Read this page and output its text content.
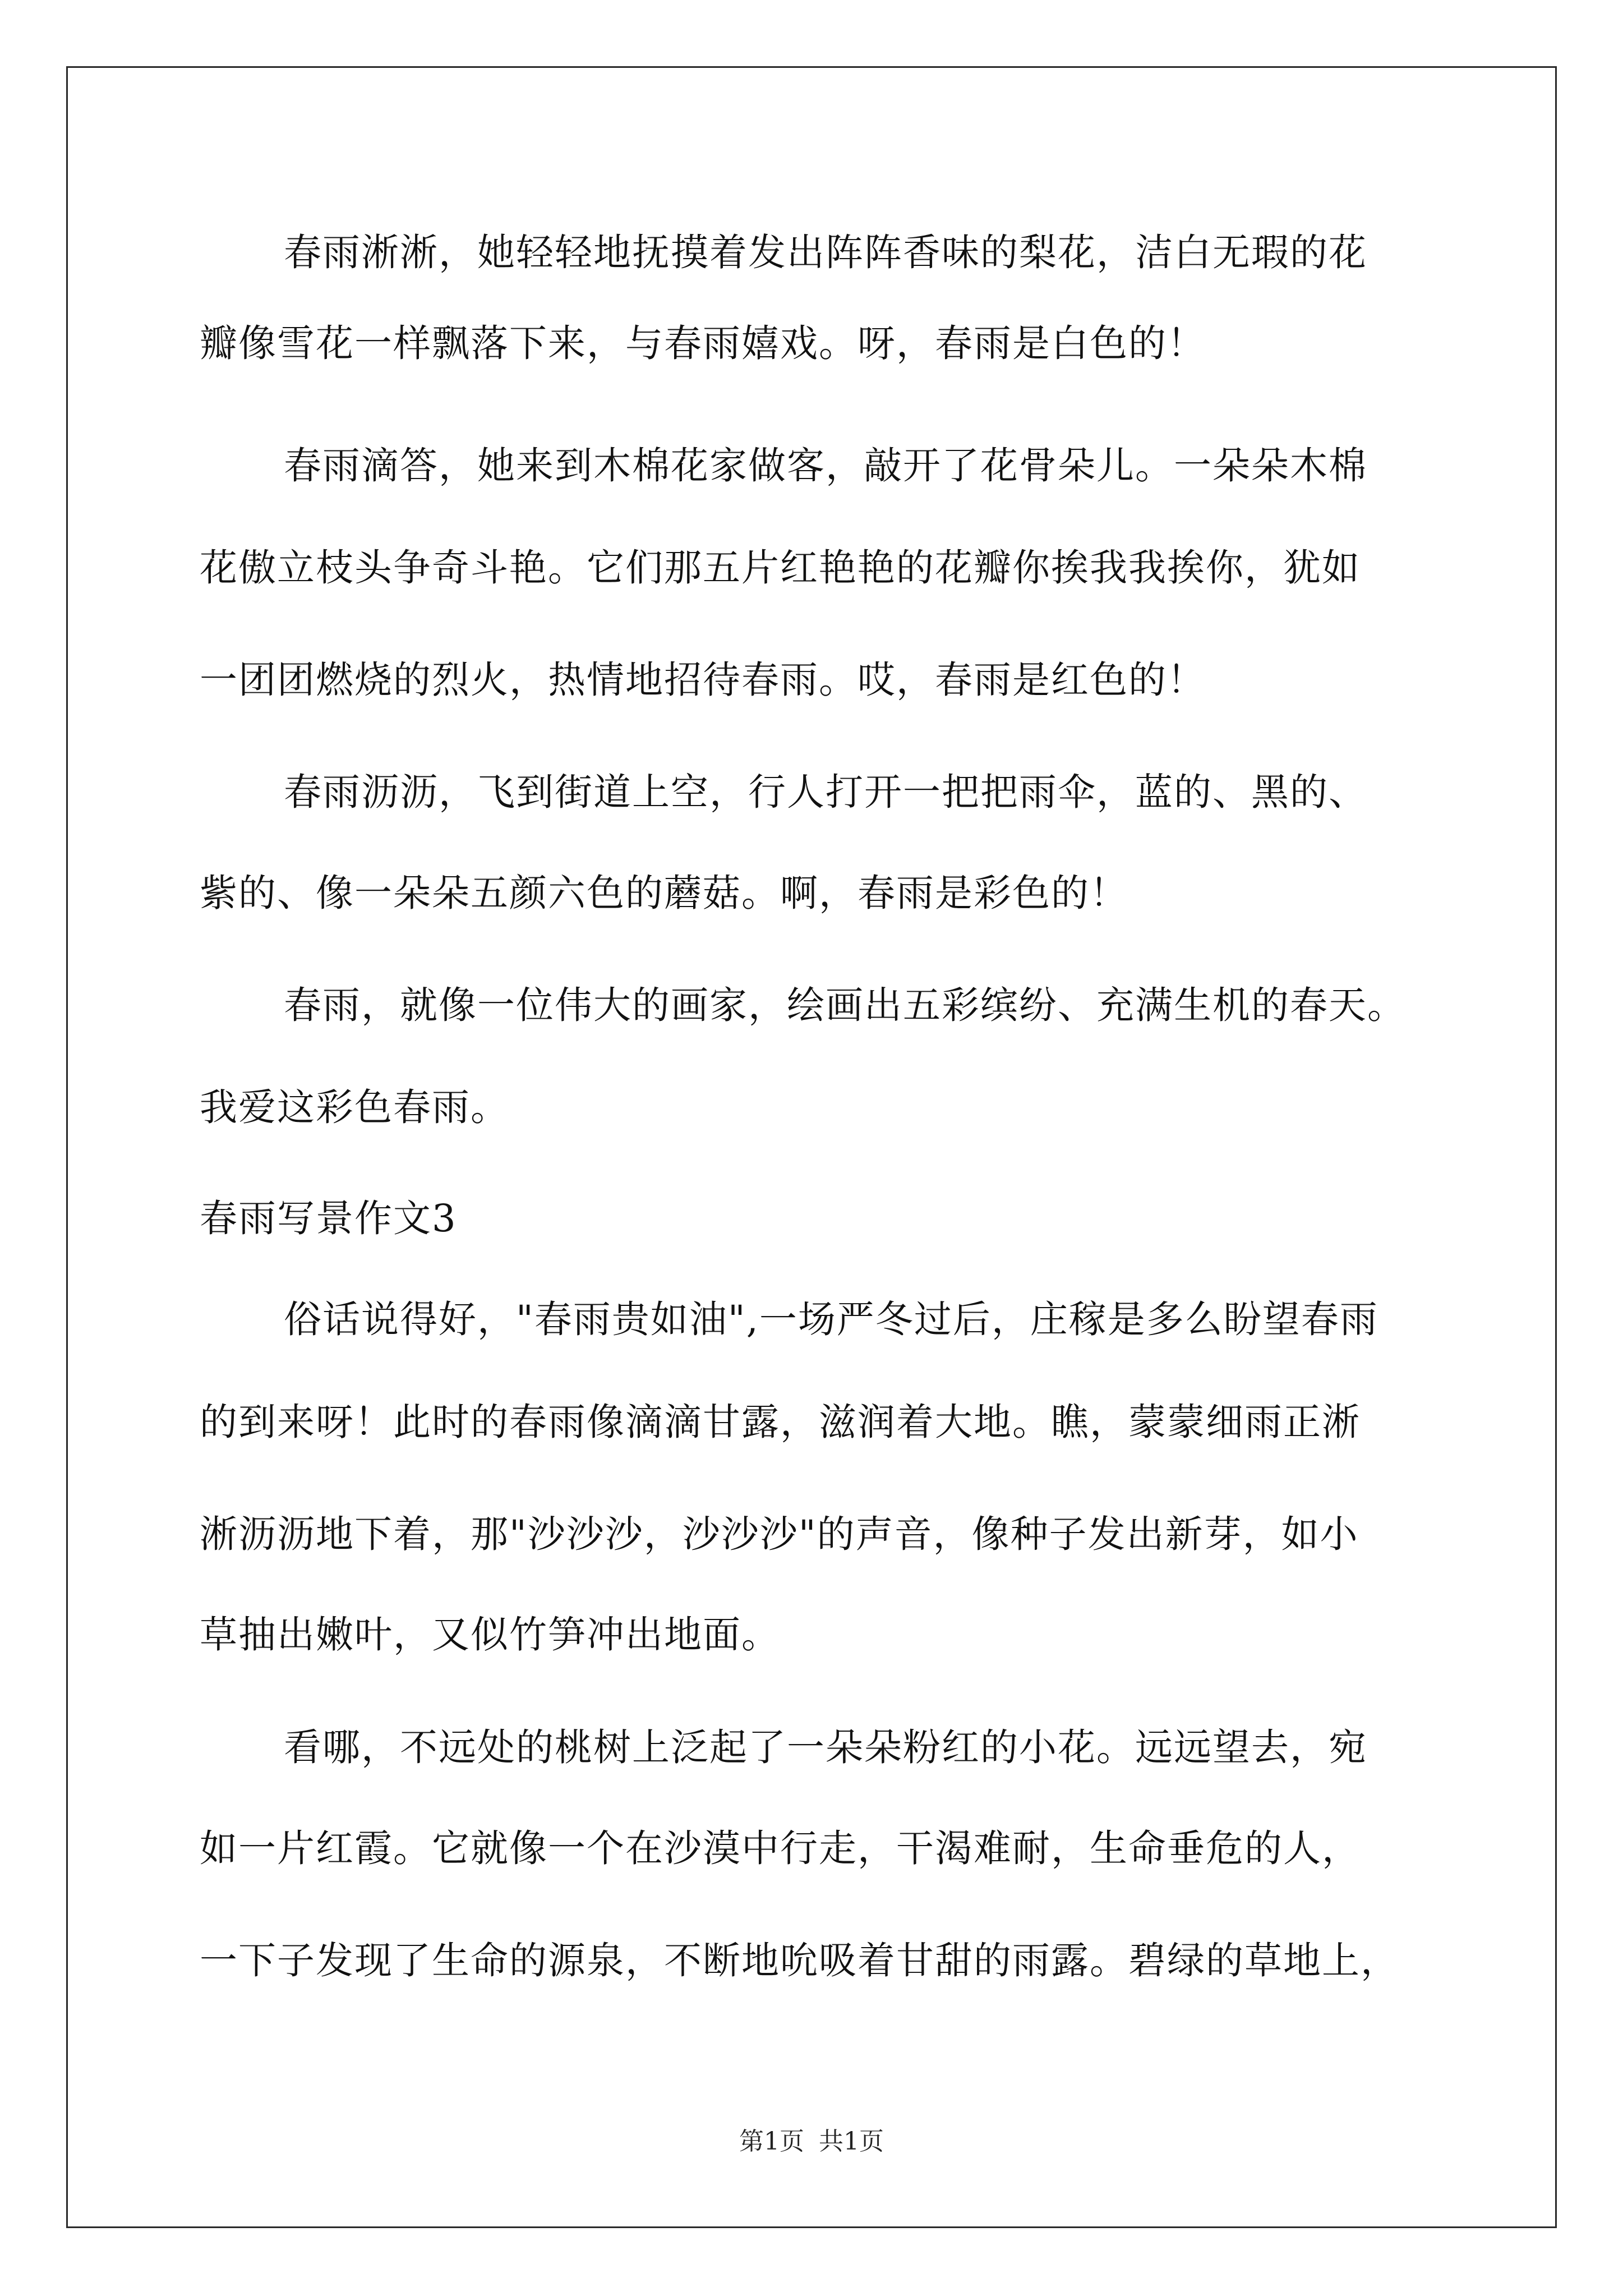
春雨淅淅，她轻轻地抚摸着发出阵阵香味的梨花，洁白无瑕的花
瓣像雪花一样飘落下来，与春雨嬉戏。呀，春雨是白色的！
春雨滴答，她来到木棉花家做客，敲开了花骨朵儿。一朵朵木棉
花傲立枝头争奇斗艳。它们那五片红艳艳的花瓣你挨我我挨你，犹如
一团团燃烧的烈火，热情地招待春雨。哎，春雨是红色的！
春雨沥沥，飞到街道上空，行人打开一把把雨伞，蓝的、黑的、
紫的、像一朵朵五颜六色的蘑菇。啊，春雨是彩色的！
春雨，就像一位伟大的画家，绘画出五彩缤纷、充满生机的春天。
我爱这彩色春雨。
春雨写景作文3
俗话说得好，"春雨贵如油",一场严冬过后，庄稼是多么盼望春雨
的到来呀！此时的春雨像滴滴甘露，滋润着大地。瞧，蒙蒙细雨正淅
淅沥沥地下着，那"沙沙沙，沙沙沙"的声音，像种子发出新芽，如小
草抽出嫩叶，又似竹笋冲出地面。
看哪，不远处的桃树上泛起了一朵朵粉红的小花。远远望去，宛
如一片红霞。它就像一个在沙漠中行走，干渴难耐，生命垂危的人，
一下子发现了生命的源泉，不断地吮吸着甘甜的雨露。碧绿的草地上，
第1页 共1页
